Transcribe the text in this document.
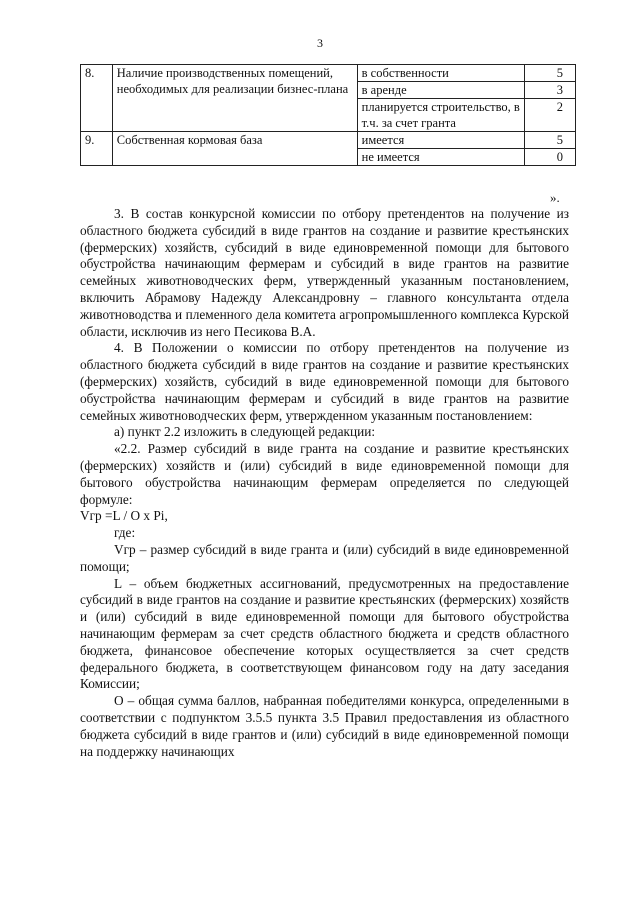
3
8.	Наличие производственных помещений, необходимых для реализации бизнес-плана	в собственности	5
		в аренде	3
		планируется строительство, в т.ч. за счет гранта	2
9.	Собственная кормовая база	имеется	5
		не имеется	0
».

3. В состав конкурсной комиссии по отбору претендентов на получение из областного бюджета субсидий в виде грантов на создание и развитие крестьянских (фермерских) хозяйств, субсидий в виде единовременной помощи для бытового обустройства начинающим фермерам и субсидий в виде грантов на развитие семейных животноводческих ферм, утвержденный указанным постановлением, включить Абрамову Надежду Александровну – главного консультанта отдела животноводства и племенного дела комитета агропромышленного комплекса Курской области, исключив из него Песикова В.А.

4. В Положении о комиссии по отбору претендентов на получение из областного бюджета субсидий в виде грантов на создание и развитие крестьянских (фермерских) хозяйств, субсидий в виде единовременной помощи для бытового обустройства начинающим фермерам и субсидий в виде грантов на развитие семейных животноводческих ферм, утвержденном указанным постановлением:

а) пункт 2.2 изложить в следующей редакции:

«2.2. Размер субсидий в виде гранта на создание и развитие крестьянских (фермерских) хозяйств и (или) субсидий в виде единовременной помощи для бытового обустройства начинающим фермерам определяется по следующей формуле:

Vгр =L / O x Pi,

где:

Vгр – размер субсидий в виде гранта и (или) субсидий в виде единовременной помощи;

L – объем бюджетных ассигнований, предусмотренных на предоставление субсидий в виде грантов на создание и развитие крестьянских (фермерских) хозяйств и (или) субсидий в виде единовременной помощи для бытового обустройства начинающим фермерам за счет средств областного бюджета и средств областного бюджета, финансовое обеспечение которых осуществляется за счет средств федерального бюджета, в соответствующем финансовом году на дату заседания Комиссии;

O – общая сумма баллов, набранная победителями конкурса, определенными в соответствии с подпунктом 3.5.5 пункта 3.5 Правил предоставления из областного бюджета субсидий в виде грантов и (или) субсидий в виде единовременной помощи на поддержку начинающих
